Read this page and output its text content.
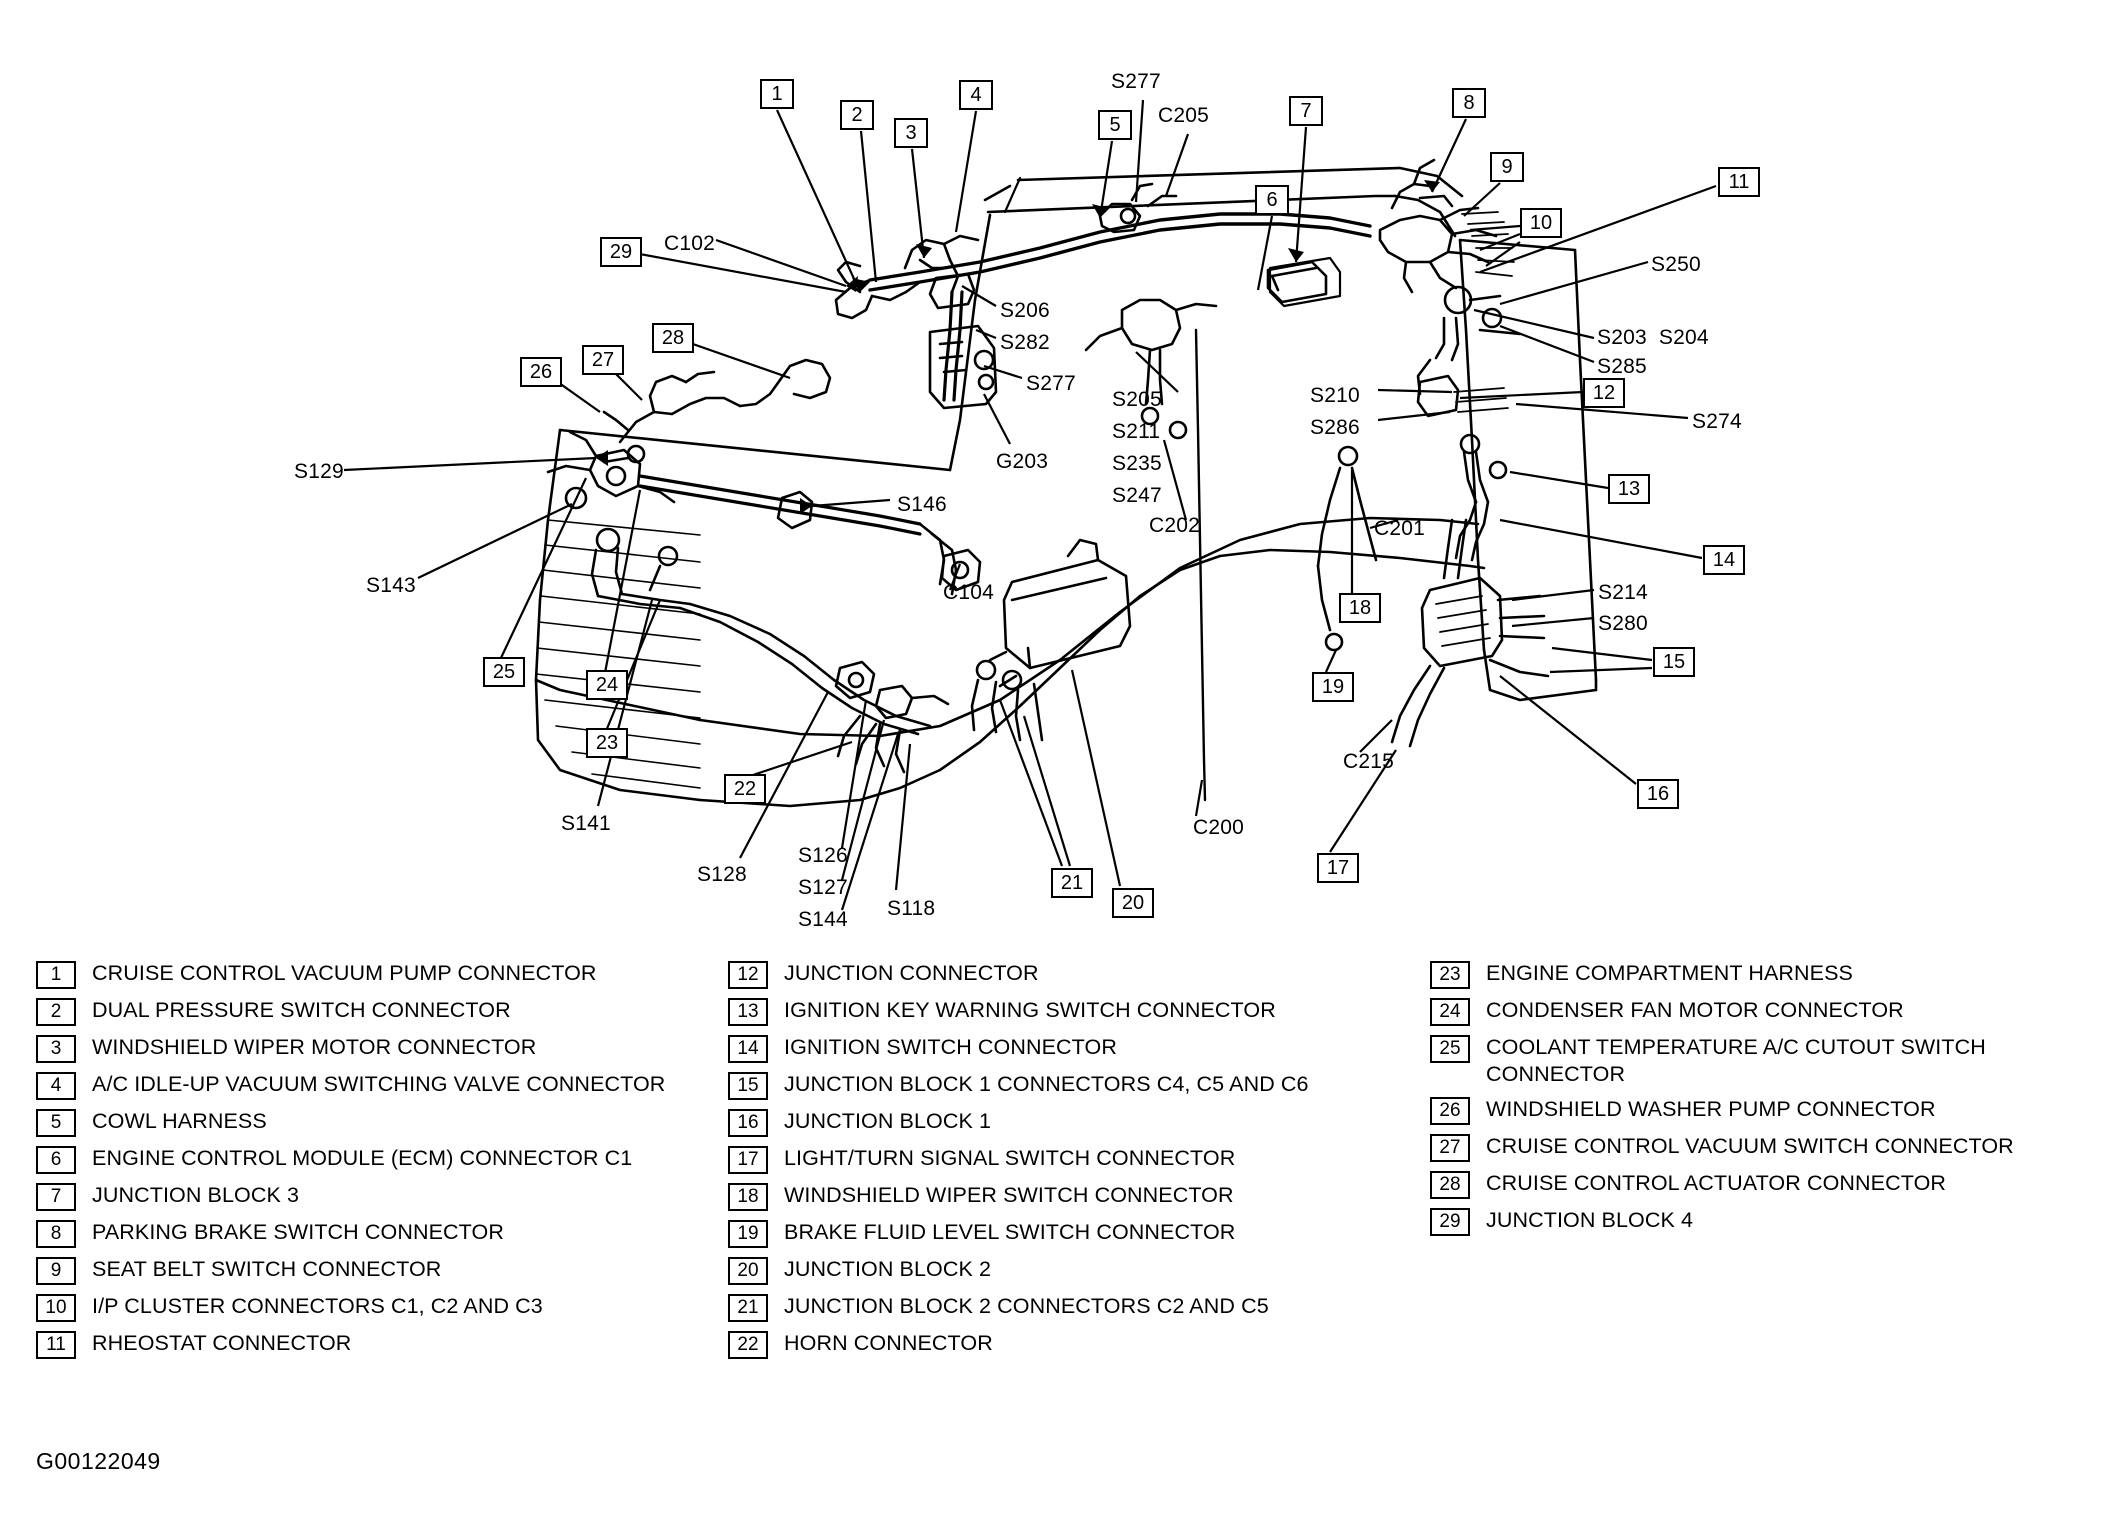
1
2
3
4
5
6
7	8
9
10
11
12
13
14
15
16
17
18
19
20
21
22
23
24
25
26
27
28
29
S277
C205
C102
S206
S282
S277
G203
S205
S211
S235
S247
C202
S210
S286
S250
S203  S204
S285
S274
S214
S280
C201
C215
C200
S129
S143
S146
C104
S141
S128
S126
S127
S144 S118
1	CRUISE CONTROL VACUUM PUMP CONNECTOR
2	DUAL PRESSURE SWITCH CONNECTOR
3	WINDSHIELD WIPER MOTOR CONNECTOR
4	A/C IDLE-UP VACUUM SWITCHING VALVE CONNECTOR
5	COWL HARNESS
6	ENGINE CONTROL MODULE (ECM) CONNECTOR C1
7	JUNCTION BLOCK 3
8	PARKING BRAKE SWITCH CONNECTOR
9	SEAT BELT SWITCH CONNECTOR
10	I/P CLUSTER CONNECTORS C1, C2 AND C3
11	RHEOSTAT CONNECTOR
12	JUNCTION CONNECTOR
13	IGNITION KEY WARNING SWITCH CONNECTOR
14	IGNITION SWITCH CONNECTOR
15	JUNCTION BLOCK 1 CONNECTORS C4, C5 AND C6
16	JUNCTION BLOCK 1
17	LIGHT/TURN SIGNAL SWITCH CONNECTOR
18	WINDSHIELD WIPER SWITCH CONNECTOR
19	BRAKE FLUID LEVEL SWITCH CONNECTOR
20	JUNCTION BLOCK 2
21	JUNCTION BLOCK 2 CONNECTORS C2 AND C5
22	HORN CONNECTOR
23	ENGINE COMPARTMENT HARNESS
24	CONDENSER FAN MOTOR CONNECTOR
25	COOLANT TEMPERATURE A/C CUTOUT SWITCH CONNECTOR
26	WINDSHIELD WASHER PUMP CONNECTOR
27	CRUISE CONTROL VACUUM SWITCH CONNECTOR
28	CRUISE CONTROL ACTUATOR CONNECTOR
29	JUNCTION BLOCK 4
G00122049
